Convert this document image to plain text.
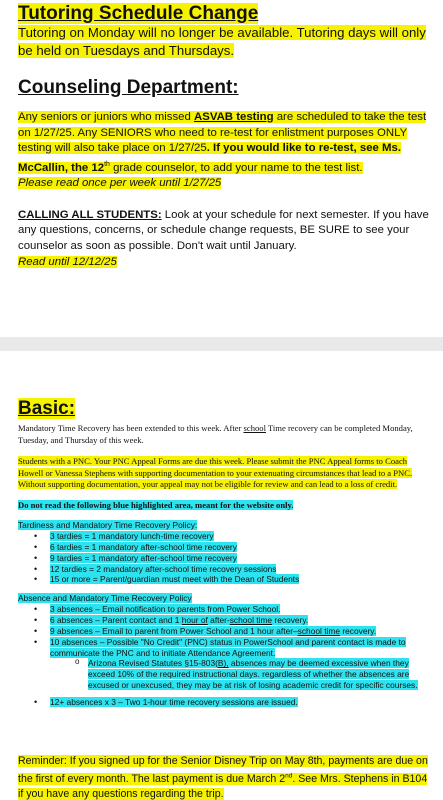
Tutoring Schedule Change

Tutoring on Monday will no longer be available. Tutoring days will only be held on Tuesdays and Thursdays.

Counseling Department:

Any seniors or juniors who missed ASVAB testing are scheduled to take the test on 1/27/25. Any SENIORS who need to re-test for enlistment purposes ONLY testing will also take place on 1/27/25. If you would like to re-test, see Ms. McCallin, the 12th grade counselor, to add your name to the test list.
Please read once per week until 1/27/25

CALLING ALL STUDENTS: Look at your schedule for next semester. If you have any questions, concerns, or schedule change requests, BE SURE to see your counselor as soon as possible. Don't wait until January.
Read until 12/12/25

Basic:

Mandatory Time Recovery has been extended to this week. After school Time recovery can be completed Monday, Tuesday, and Thursday of this week.

Students with a PNC. Your PNC Appeal Forms are due this week. Please submit the PNC Appeal forms to Coach Howell or Vanessa Stephens with supporting documentation to your extenuating circumstances that lead to a PNC. Without supporting documentation, your appeal may not be eligible for review and can lead to a loss of credit.

Do not read the following blue highlighted area, meant for the website only.

Tardiness and Mandatory Time Recovery Policy:

• 3 tardies = 1 mandatory lunch-time recovery
• 6 tardies = 1 mandatory after-school time recovery
• 9 tardies = 1 mandatory after-school time recovery
• 12 tardies = 2 mandatory after-school time recovery sessions
• 15 or more = Parent/guardian must meet with the Dean of Students

Absence and Mandatory Time Recovery Policy

• 3 absences – Email notification to parents from Power School.
• 6 absences – Parent contact and 1 hour of after-school time recovery.
• 9 absences – Email to parent from Power School and 1 hour after–school time recovery.
• 10 absences – Possible "No Credit" (PNC) status in PowerSchool and parent contact is made to communicate the PNC and to initiate Attendance Agreement.
o Arizona Revised Statutes §15-803(B), absences may be deemed excessive when they exceed 10% of the required instructional days. regardless of whether the absences are excused or unexcused, they may be at risk of losing academic credit for specific courses.
• 12+ absences x 3 – Two 1-hour time recovery sessions are issued.

Reminder: If you signed up for the Senior Disney Trip on May 8th, payments are due on the first of every month. The last payment is due March 2nd. See Mrs. Stephens in B104 if you have any questions regarding the trip.
